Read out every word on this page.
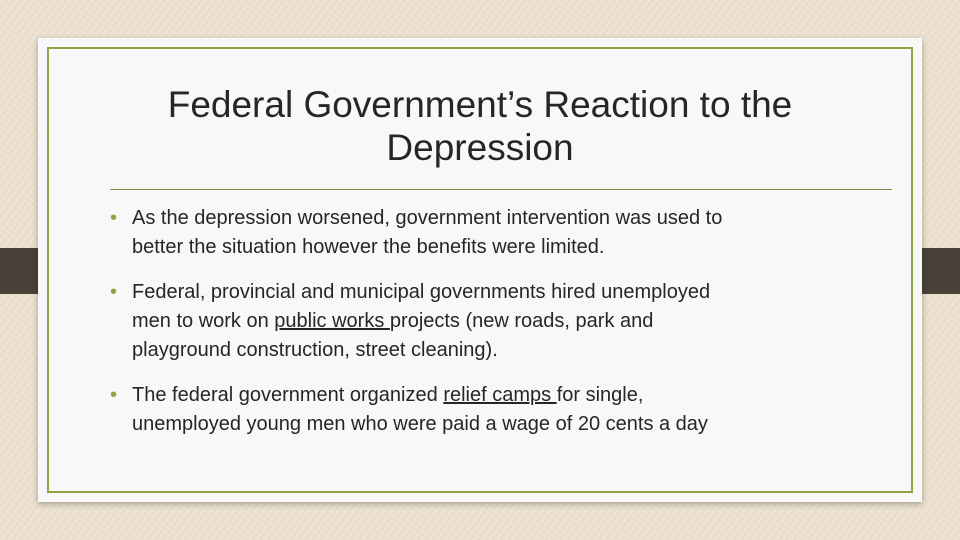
Federal Government’s Reaction to the
Depression
• As the depression worsened, government intervention was used to
better the situation however the benefits were limited.
• Federal, provincial and municipal governments hired unemployed
men to work on public works projects (new roads, park and
playground construction, street cleaning).
• The federal government organized relief camps for single,
unemployed young men who were paid a wage of 20 cents a day
